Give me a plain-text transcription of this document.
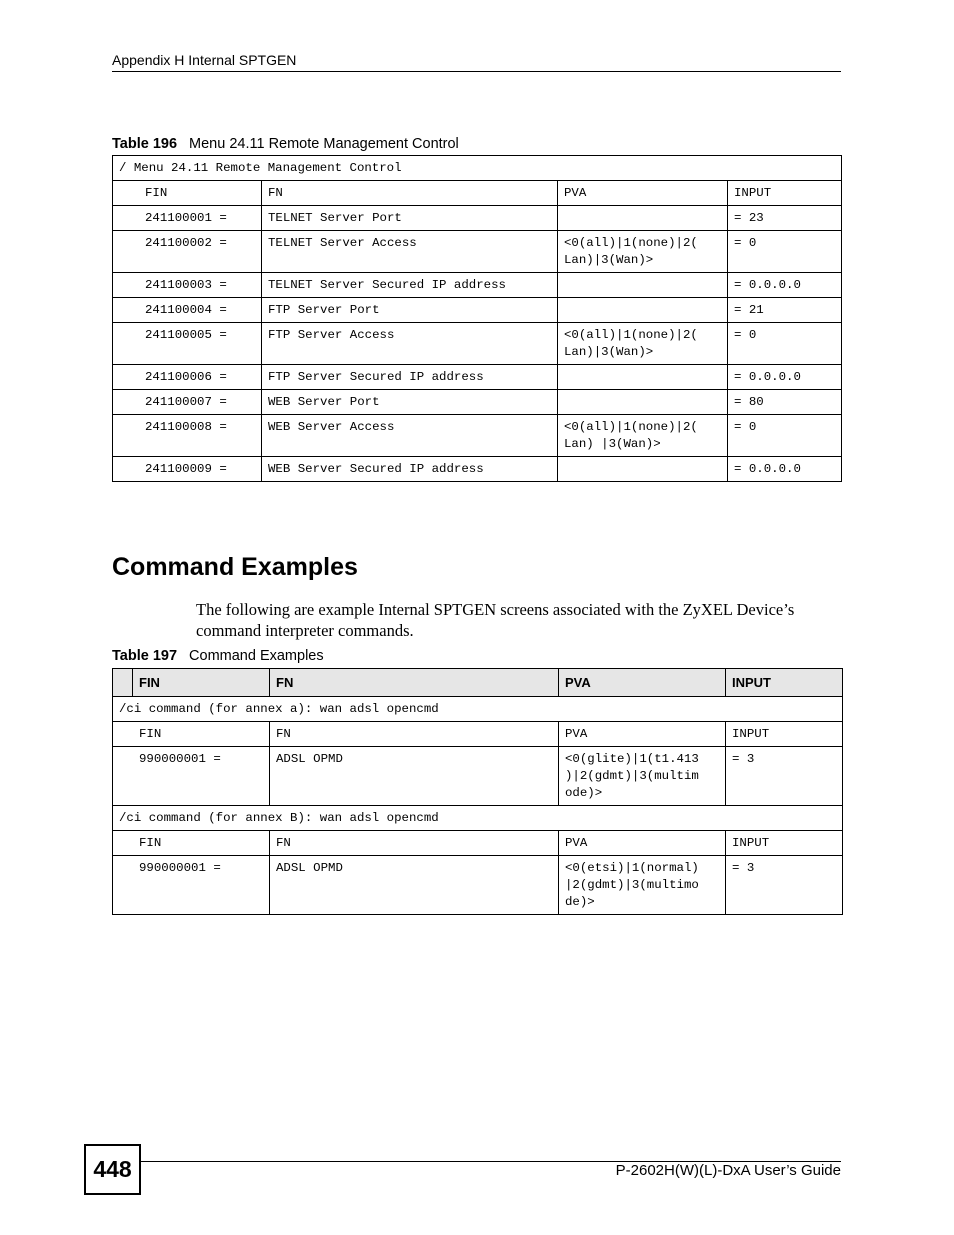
Appendix H Internal SPTGEN
Table 196 Menu 24.11 Remote Management Control
/ Menu 24.11 Remote Management Control			
FIN	FN	PVA	INPUT
241100001 =	TELNET Server Port		= 23
241100002 =	TELNET Server Access	<0(all)|1(none)|2(
Lan)|3(Wan)>	= 0
241100003 =	TELNET Server Secured IP address		= 0.0.0.0
241100004 =	FTP Server Port		= 21
241100005 =	FTP Server Access	<0(all)|1(none)|2(
Lan)|3(Wan)>	= 0
241100006 =	FTP Server Secured IP address		= 0.0.0.0
241100007 =	WEB Server Port		= 80
241100008 =	WEB Server Access	<0(all)|1(none)|2(
Lan) |3(Wan)>	= 0
241100009 =	WEB Server Secured IP address		= 0.0.0.0
Command Examples
The following are example Internal SPTGEN screens associated with the ZyXEL Device’s command interpreter commands.
Table 197 Command Examples
	FIN	FN	PVA	INPUT
/ci command (for annex a): wan adsl opencmd				
FIN		FN	PVA	INPUT
990000001 =		ADSL OPMD	<0(glite)|1(t1.413
)|2(gdmt)|3(multim
ode)>	= 3
/ci command (for annex B): wan adsl opencmd				
FIN		FN	PVA	INPUT
990000001 =		ADSL OPMD	<0(etsi)|1(normal)
|2(gdmt)|3(multimo
de)>	= 3
448	P-2602H(W)(L)-DxA User’s Guide
